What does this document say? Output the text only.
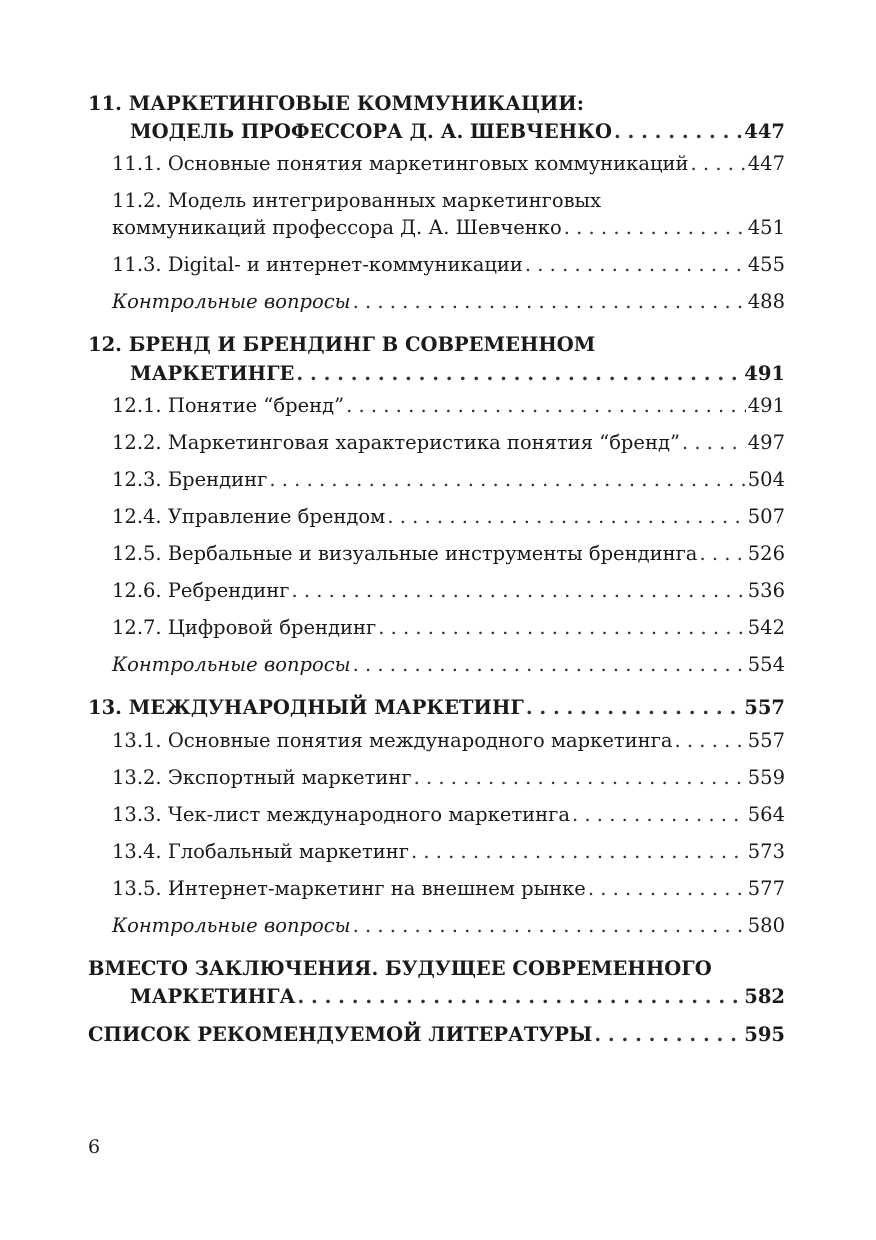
11. МАРКЕТИНГОВЫЕ КОММУНИКАЦИИ:
МОДЕЛЬ ПРОФЕССОРА Д. А. ШЕВЧЕНКО . . .	447
11.1. Основные понятия маркетинговых коммуникаций . . .	447
11.2. Модель интегрированных маркетинговых
коммуникаций профессора Д. А. Шевченко . . .	451
11.3. Digital- и интернет-коммуникации . . .	455
Контрольные вопросы . . .	488
12. БРЕНД И БРЕНДИНГ В СОВРЕМЕННОМ
МАРКЕТИНГЕ . . .	491
12.1. Понятие “бренд” . . .	491
12.2. Маркетинговая характеристика понятия “бренд” . . .	497
12.3. Брендинг . . .	504
12.4. Управление брендом . . .	507
12.5. Вербальные и визуальные инструменты брендинга . . .	526
12.6. Ребрендинг . . .	536
12.7. Цифровой брендинг . . .	542
Контрольные вопросы . . .	554
13. МЕЖДУНАРОДНЫЙ МАРКЕТИНГ . . .	557
13.1. Основные понятия международного маркетинга . . .	557
13.2. Экспортный маркетинг . . .	559
13.3. Чек-лист международного маркетинга . . .	564
13.4. Глобальный маркетинг . . .	573
13.5. Интернет-маркетинг на внешнем рынке . . .	577
Контрольные вопросы . . .	580
ВМЕСТО ЗАКЛЮЧЕНИЯ. БУДУЩЕЕ СОВРЕМЕННОГО
МАРКЕТИНГА . . .	582
СПИСОК РЕКОМЕНДУЕМОЙ ЛИТЕРАТУРЫ . . .	595
6
